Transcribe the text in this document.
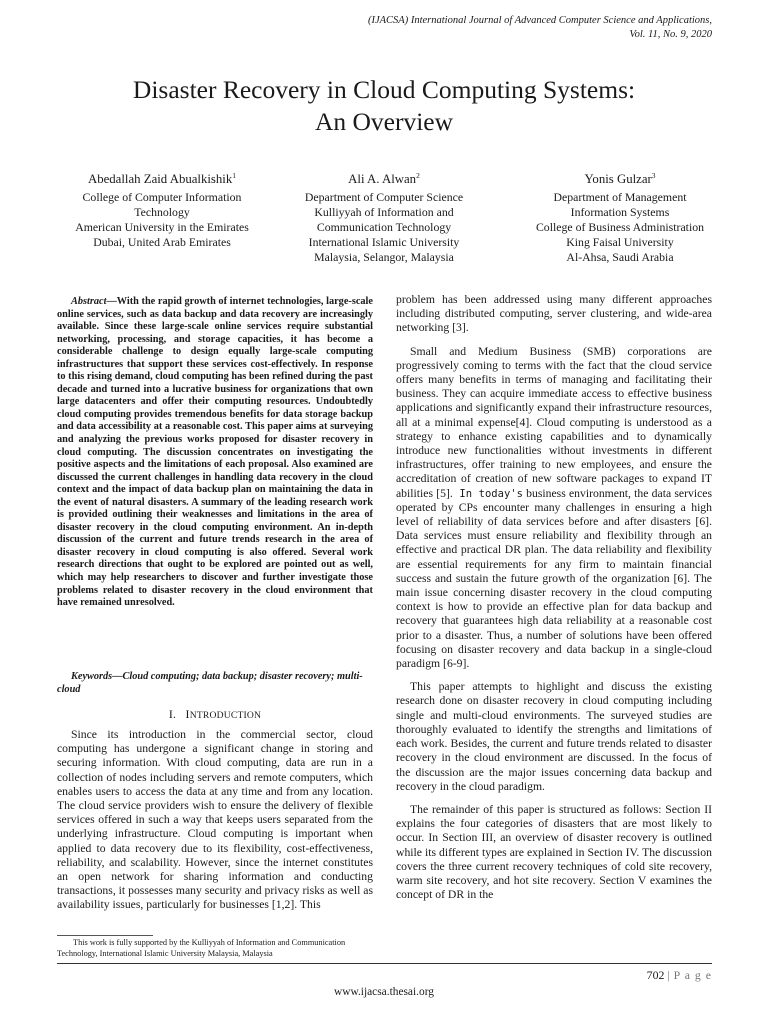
(IJACSA) International Journal of Advanced Computer Science and Applications,
Vol. 11, No. 9, 2020
Disaster Recovery in Cloud Computing Systems:
An Overview
Abedallah Zaid Abualkishik$^1$
College of Computer Information
Technology
American University in the Emirates
Dubai, United Arab Emirates
Ali A. Alwan$^2$
Department of Computer Science
Kulliyyah of Information and
Communication Technology
International Islamic University
Malaysia, Selangor, Malaysia
Yonis Gulzar$^3$
Department of Management
Information Systems
College of Business Administration
King Faisal University
Al-Ahsa, Saudi Arabia
Abstract—With the rapid growth of internet technologies, large-scale online services, such as data backup and data recovery are increasingly available. Since these large-scale online services require substantial networking, processing, and storage capacities, it has become a considerable challenge to design equally large-scale computing infrastructures that support these services cost-effectively. In response to this rising demand, cloud computing has been refined during the past decade and turned into a lucrative business for organizations that own large datacenters and offer their computing resources. Undoubtedly cloud computing provides tremendous benefits for data storage backup and data accessibility at a reasonable cost. This paper aims at surveying and analyzing the previous works proposed for disaster recovery in cloud computing. The discussion concentrates on investigating the positive aspects and the limitations of each proposal. Also examined are discussed the current challenges in handling data recovery in the cloud context and the impact of data backup plan on maintaining the data in the event of natural disasters. A summary of the leading research work is provided outlining their weaknesses and limitations in the area of disaster recovery in the cloud computing environment. An in-depth discussion of the current and future trends research in the area of disaster recovery in cloud computing is also offered. Several work research directions that ought to be explored are pointed out as well, which may help researchers to discover and further investigate those problems related to disaster recovery in the cloud environment that have remained unresolved.
Keywords—Cloud computing; data backup; disaster recovery; multi-cloud
I. INTRODUCTION

Since its introduction in the commercial sector, cloud computing has undergone a significant change in storing and securing information. With cloud computing, data are run in a collection of nodes including servers and remote computers, which enables users to access the data at any time and from any location. The cloud service providers wish to ensure the delivery of flexible services offered in such a way that keeps users separated from the underlying infrastructure. Cloud computing is important when applied to data recovery due to its flexibility, cost-effectiveness, reliability, and scalability. However, since the internet constitutes an open network for sharing information and conducting transactions, it possesses many security and privacy risks as well as availability issues, particularly for businesses [1,2]. This

problem has been addressed using many different approaches including distributed computing, server clustering, and wide-area networking [3].

Small and Medium Business (SMB) corporations are progressively coming to terms with the fact that the cloud service offers many benefits in terms of managing and facilitating their business. They can acquire immediate access to effective business applications and significantly expand their infrastructure resources, all at a minimal expense[4]. Cloud computing is understood as a strategy to enhance existing capabilities and to dynamically introduce new functionalities without investments in different infrastructures, offer training to new employees, and ensure the accreditation of creation of new software packages to expand IT abilities [5]. In today's business environment, the data services operated by CPs encounter many challenges in ensuring a high level of reliability of data services before and after disasters [6]. Data services must ensure reliability and flexibility through an effective and practical DR plan. The data reliability and flexibility are essential requirements for any firm to maintain financial success and sustain the future growth of the organization [6]. The main issue concerning disaster recovery in the cloud computing context is how to provide an effective plan for data backup and recovery that guarantees high data reliability at a reasonable cost prior to a disaster. Thus, a number of solutions have been offered focusing on disaster recovery and data backup in a single-cloud paradigm [6-9].

This paper attempts to highlight and discuss the existing research done on disaster recovery in cloud computing including single and multi-cloud environments. The surveyed studies are thoroughly evaluated to identify the strengths and limitations of each work. Besides, the current and future trends related to disaster recovery in the cloud environment are discussed. In the focus of the discussion are the major issues concerning data backup and recovery in the cloud paradigm.

The remainder of this paper is structured as follows: Section II explains the four categories of disasters that are most likely to occur. In Section III, an overview of disaster recovery is outlined while its different types are explained in Section IV. The discussion covers the three current recovery techniques of cold site recovery, warm site recovery, and hot site recovery. Section V examines the concept of DR in the

This work is fully supported by the Kulliyyah of Information and Communication Technology, International Islamic University Malaysia, Malaysia
702 | P a g e
www.ijacsa.thesai.org
